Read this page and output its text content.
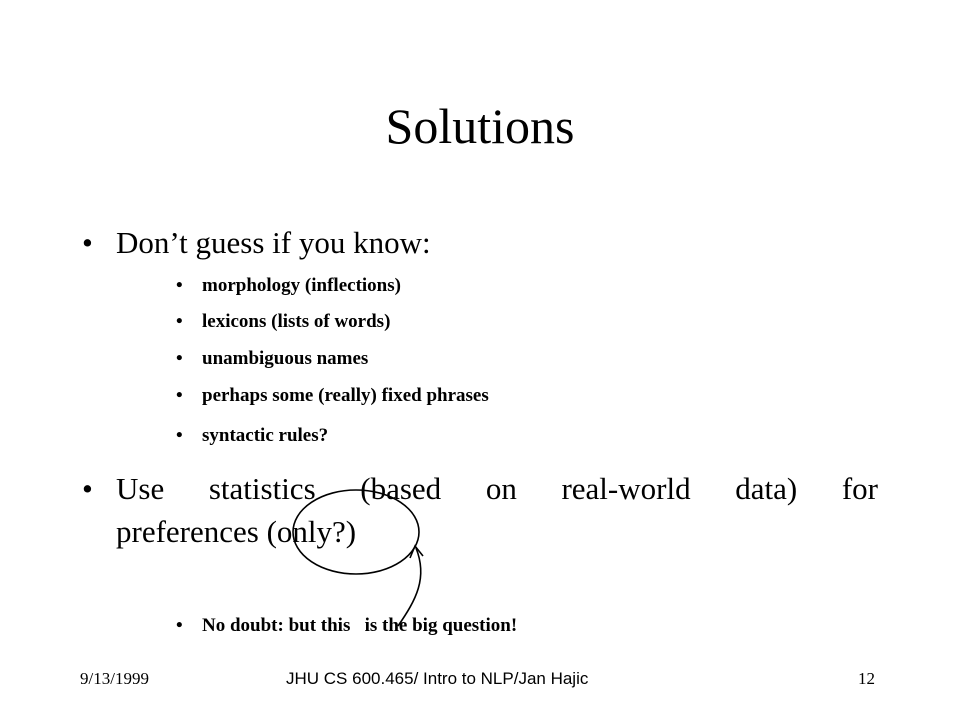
Solutions
• Don’t guess if you know:
•	morphology (inflections)
•	lexicons (lists of words)
•	unambiguous names
•	perhaps some (really) fixed phrases
•	syntactic rules?
• Use statistics (based on real-world data) for
preferences (only?)
•	No doubt: but this   is the big question!
9/13/1999	JHU CS 600.465/ Intro to NLP/Jan Hajic	12
